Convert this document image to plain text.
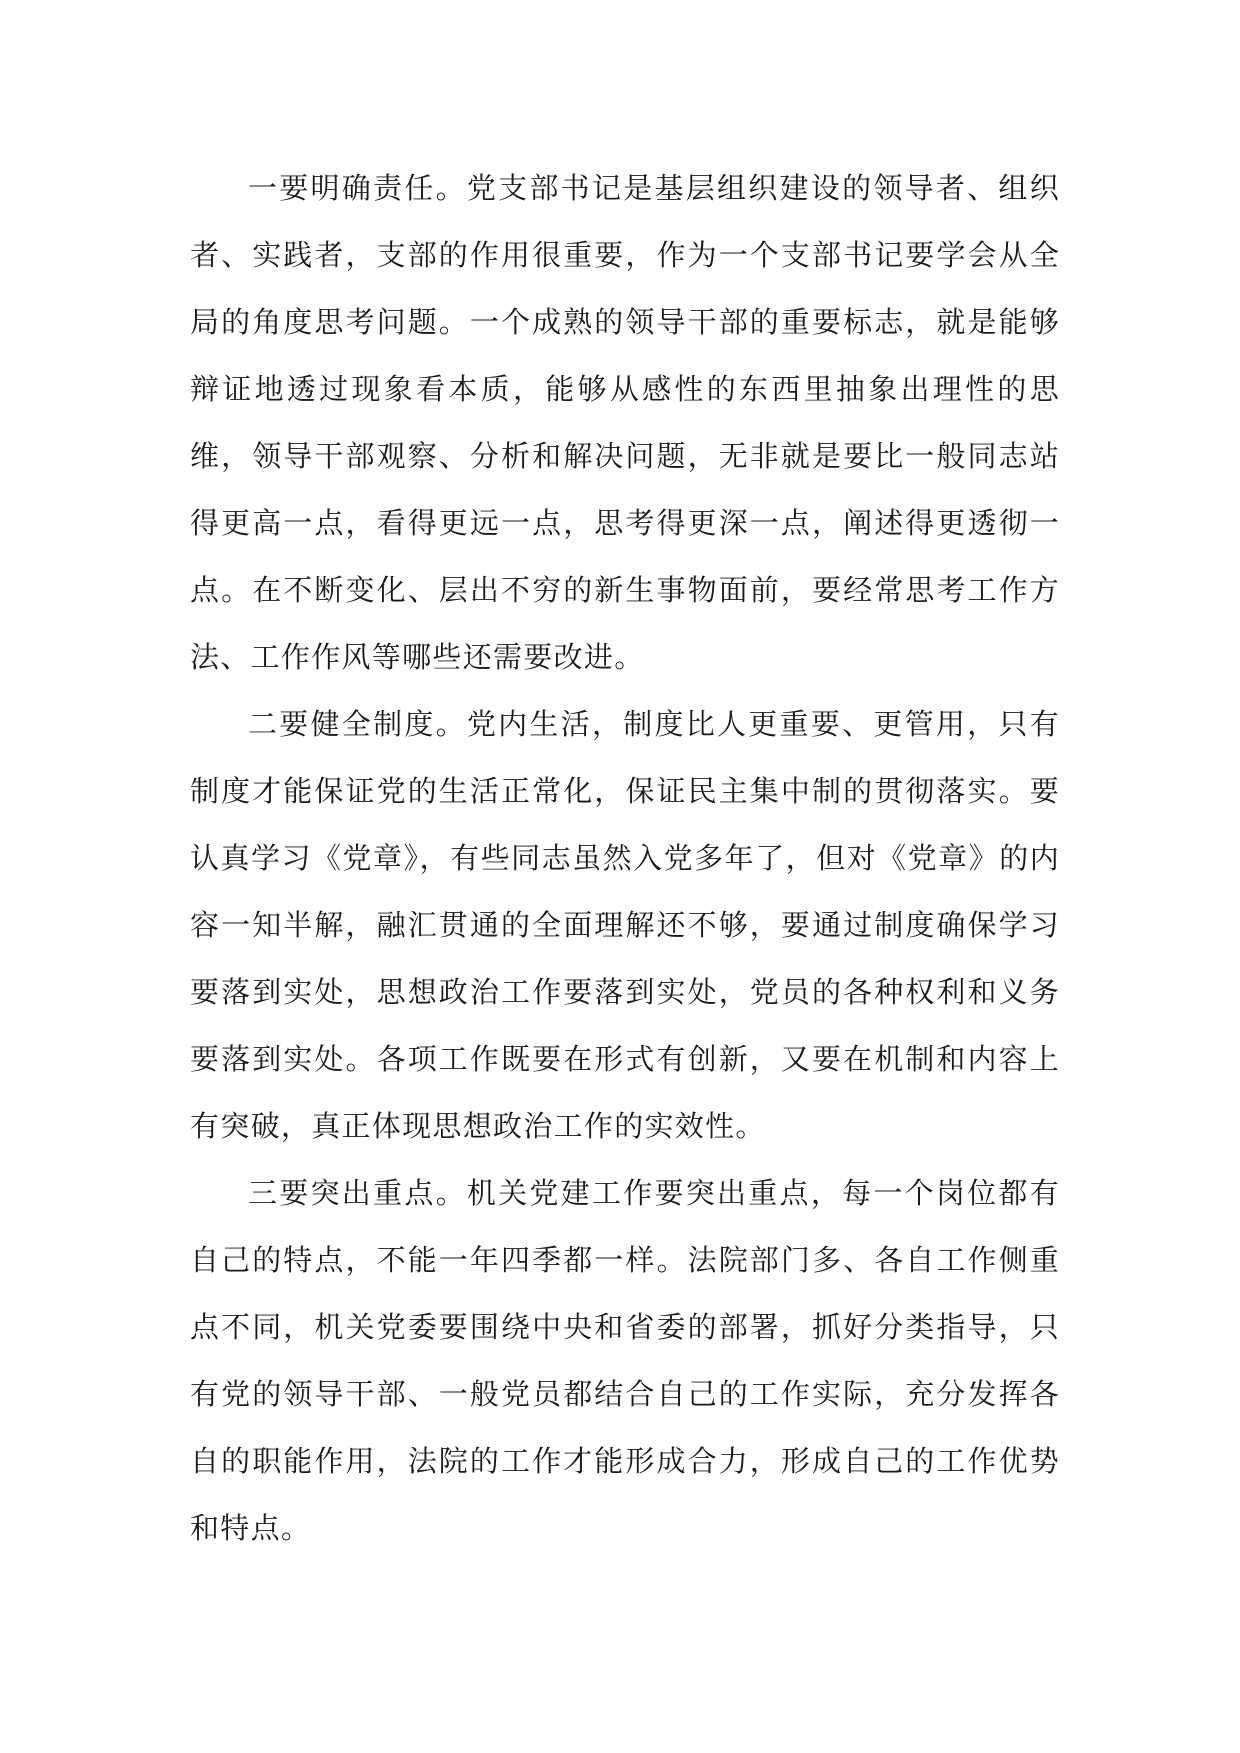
一要明确责任。党支部书记是基层组织建设的领导者、组织者、实践者，支部的作用很重要，作为一个支部书记要学会从全局的角度思考问题。一个成熟的领导干部的重要标志，就是能够辩证地透过现象看本质，能够从感性的东西里抽象出理性的思维，领导干部观察、分析和解决问题，无非就是要比一般同志站得更高一点，看得更远一点，思考得更深一点，阐述得更透彻一点。在不断变化、层出不穷的新生事物面前，要经常思考工作方法、工作作风等哪些还需要改进。

二要健全制度。党内生活，制度比人更重要、更管用，只有制度才能保证党的生活正常化，保证民主集中制的贯彻落实。要认真学习《党章》，有些同志虽然入党多年了，但对《党章》的内容一知半解，融汇贯通的全面理解还不够，要通过制度确保学习要落到实处，思想政治工作要落到实处，党员的各种权利和义务要落到实处。各项工作既要在形式有创新，又要在机制和内容上有突破，真正体现思想政治工作的实效性。

三要突出重点。机关党建工作要突出重点，每一个岗位都有自己的特点，不能一年四季都一样。法院部门多、各自工作侧重点不同，机关党委要围绕中央和省委的部署，抓好分类指导，只有党的领导干部、一般党员都结合自己的工作实际，充分发挥各自的职能作用，法院的工作才能形成合力，形成自己的工作优势和特点。
